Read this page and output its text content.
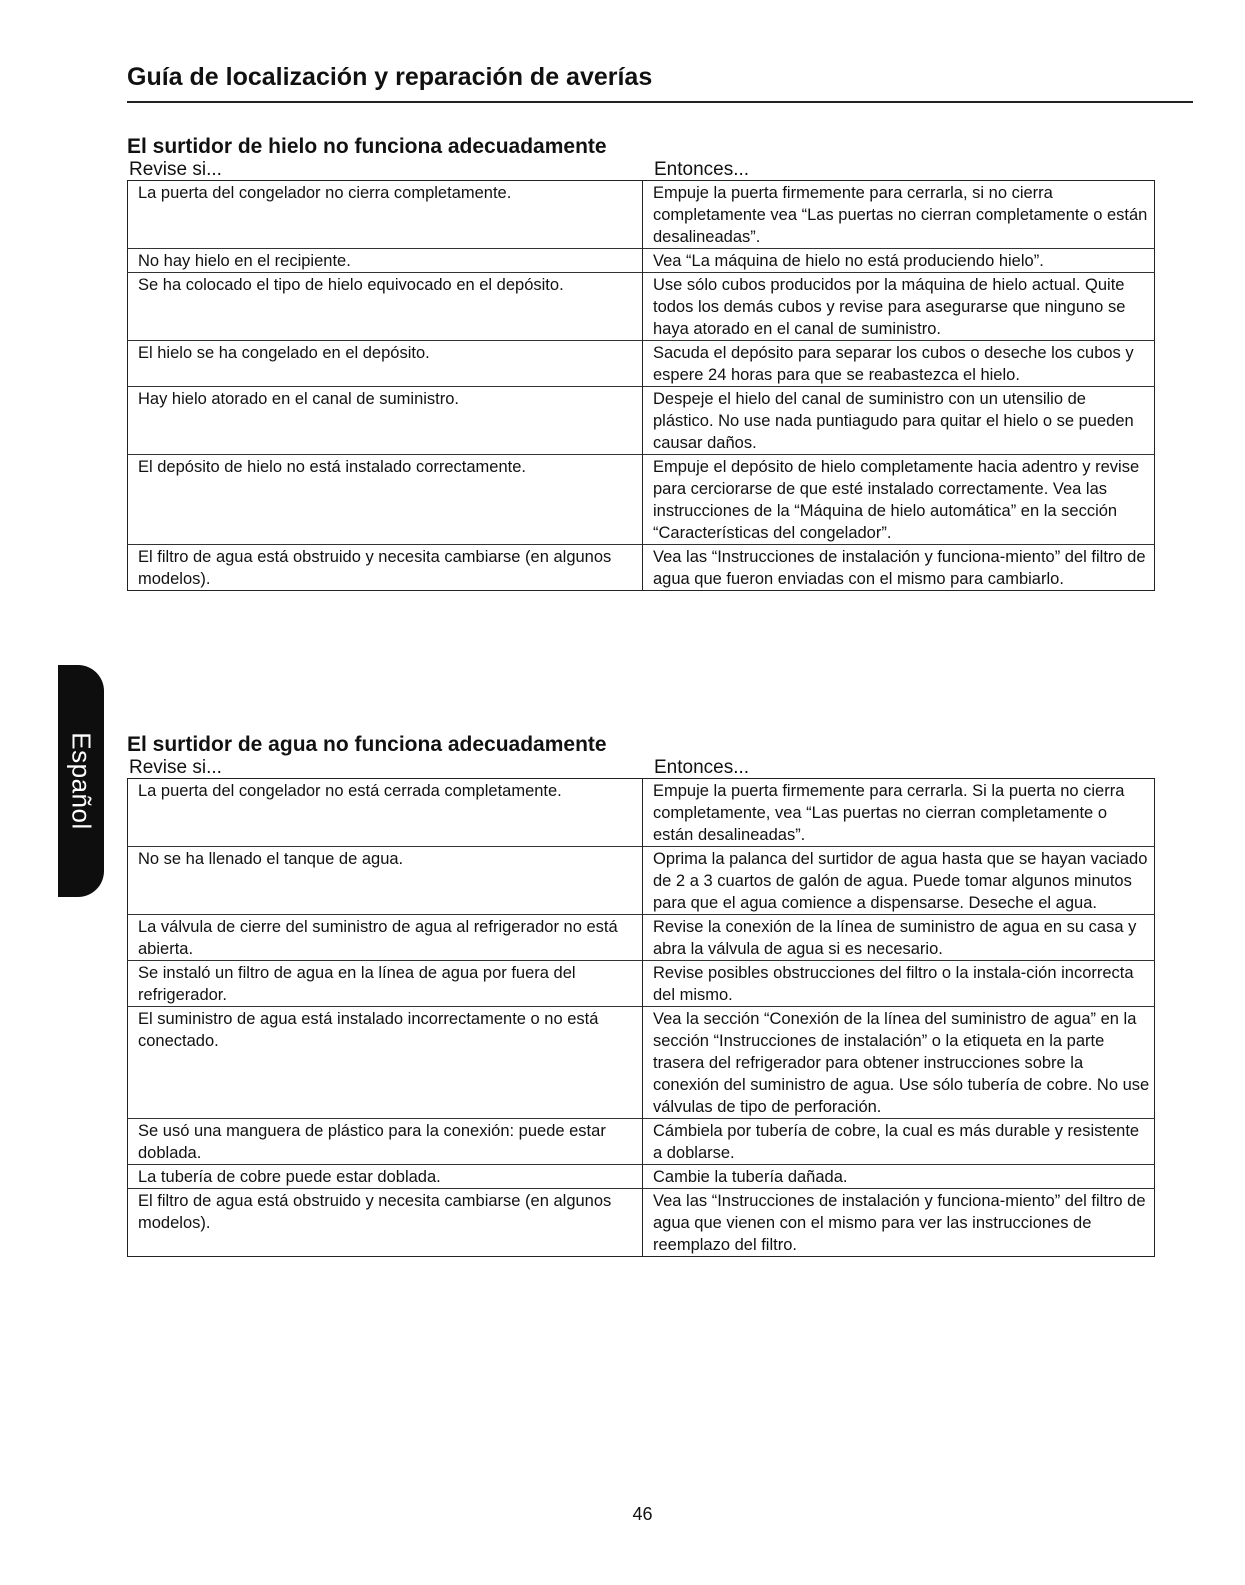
Guía de localización y reparación de averías
El surtidor de hielo no funciona adecuadamente
Revise si...	Entonces...
La puerta del congelador no cierra completamente.	Empuje la puerta firmemente para cerrarla, si no cierra completamente vea “Las puertas no cierran completamente o están desalineadas”.
No hay hielo en el recipiente.	Vea “La máquina de hielo no está produciendo hielo”.
Se ha colocado el tipo de hielo equivocado en el depósito.	Use sólo cubos producidos por la máquina de hielo actual. Quite todos los demás cubos y revise para asegurarse que ninguno se haya atorado en el canal de suministro.
El hielo se ha congelado en el depósito.	Sacuda el depósito para separar los cubos o deseche los cubos y espere 24 horas para que se reabastezca el hielo.
Hay hielo atorado en el canal de suministro.	Despeje el hielo del canal de suministro con un utensilio de plástico. No use nada puntiagudo para quitar el hielo o se pueden causar daños.
El depósito de hielo no está instalado correctamente.	Empuje el depósito de hielo completamente hacia adentro y revise para cerciorarse de que esté instalado correctamente. Vea las instrucciones de la “Máquina de hielo automática” en la sección “Características del congelador”.
El filtro de agua está obstruido y necesita cambiarse (en algunos modelos).	Vea las “Instrucciones de instalación y funciona-miento” del filtro de agua que fueron enviadas con el mismo para cambiarlo.
El surtidor de agua no funciona adecuadamente
Revise si...	Entonces...
La puerta del congelador no está cerrada completamente.	Empuje la puerta firmemente para cerrarla. Si la puerta no cierra completamente, vea “Las puertas no cierran completamente o están desalineadas”.
No se ha llenado el tanque de agua.	Oprima la palanca del surtidor de agua hasta que se hayan vaciado de 2 a 3 cuartos de galón de agua. Puede tomar algunos minutos para que el agua comience a dispensarse. Deseche el agua.
La válvula de cierre del suministro de agua al refrigerador no está abierta.	Revise la conexión de la línea de suministro de agua en su casa y abra la válvula de agua si es necesario.
Se instaló un filtro de agua en la línea de agua por fuera del refrigerador.	Revise posibles obstrucciones del filtro o la instala-ción incorrecta del mismo.
El suministro de agua está instalado incorrectamente o no está conectado.	Vea la sección “Conexión de la línea del suministro de agua” en la sección “Instrucciones de instalación” o la etiqueta en la parte trasera del refrigerador para obtener instrucciones sobre la conexión del suministro de agua. Use sólo tubería de cobre. No use válvulas de tipo de perforación.
Se usó una manguera de plástico para la conexión: puede estar doblada.	Cámbiela por tubería de cobre, la cual es más durable y resistente a doblarse.
La tubería de cobre puede estar doblada.	Cambie la tubería dañada.
El filtro de agua está obstruido y necesita cambiarse (en algunos modelos).	Vea las “Instrucciones de instalación y funciona-miento” del filtro de agua que vienen con el mismo para ver las instrucciones de reemplazo del filtro.
Español
46
